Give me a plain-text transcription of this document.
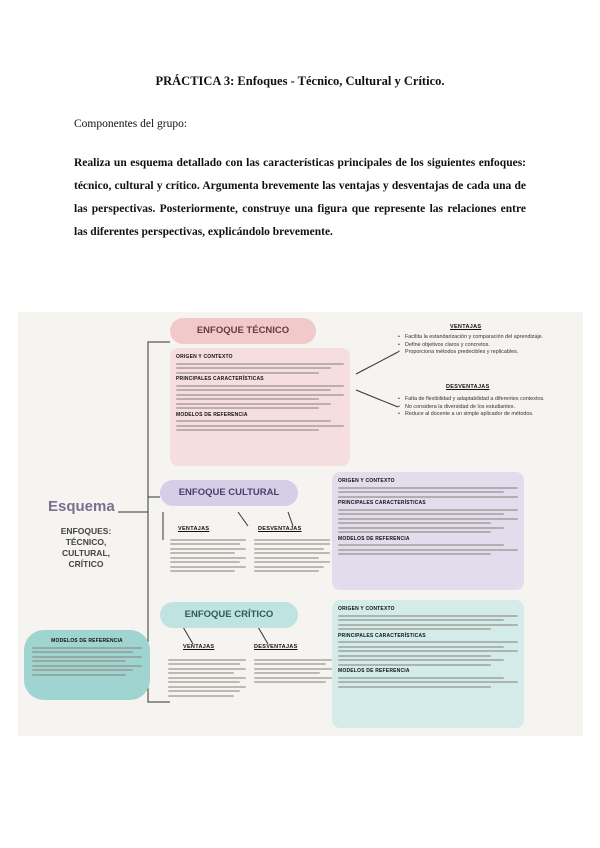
PRÁCTICA 3: Enfoques - Técnico, Cultural y Crítico.
Componentes del grupo:
Realiza un esquema detallado con las características principales de los siguientes enfoques: técnico, cultural y crítico. Argumenta brevemente las ventajas y desventajas de cada una de las perspectivas. Posteriormente, construye una figura que represente las relaciones entre las diferentes perspectivas, explicándolo brevemente.
Esquema
ENFOQUES: TÉCNICO, CULTURAL, CRÍTICO
ENFOQUE TÉCNICO
ORIGEN Y CONTEXTO
PRINCIPALES CARACTERÍSTICAS
MODELOS DE REFERENCIA
VENTAJAS
• Facilita la estandarización y comparación del aprendizaje.
• Define objetivos claros y concretos.
• Proporciona métodos predecibles y replicables.
DESVENTAJAS
• Falta de flexibilidad y adaptabilidad a diferentes contextos.
• No considera la diversidad de los estudiantes.
• Reduce al docente a un simple aplicador de métodos.
ENFOQUE CULTURAL
VENTAJAS	DESVENTAJAS
ORIGEN Y CONTEXTO
PRINCIPALES CARACTERÍSTICAS
MODELOS DE REFERENCIA
ENFOQUE CRÍTICO
VENTAJAS	DESVENTAJAS
ORIGEN Y CONTEXTO
PRINCIPALES CARACTERÍSTICAS
MODELOS DE REFERENCIA
MODELOS DE REFERENCIA
